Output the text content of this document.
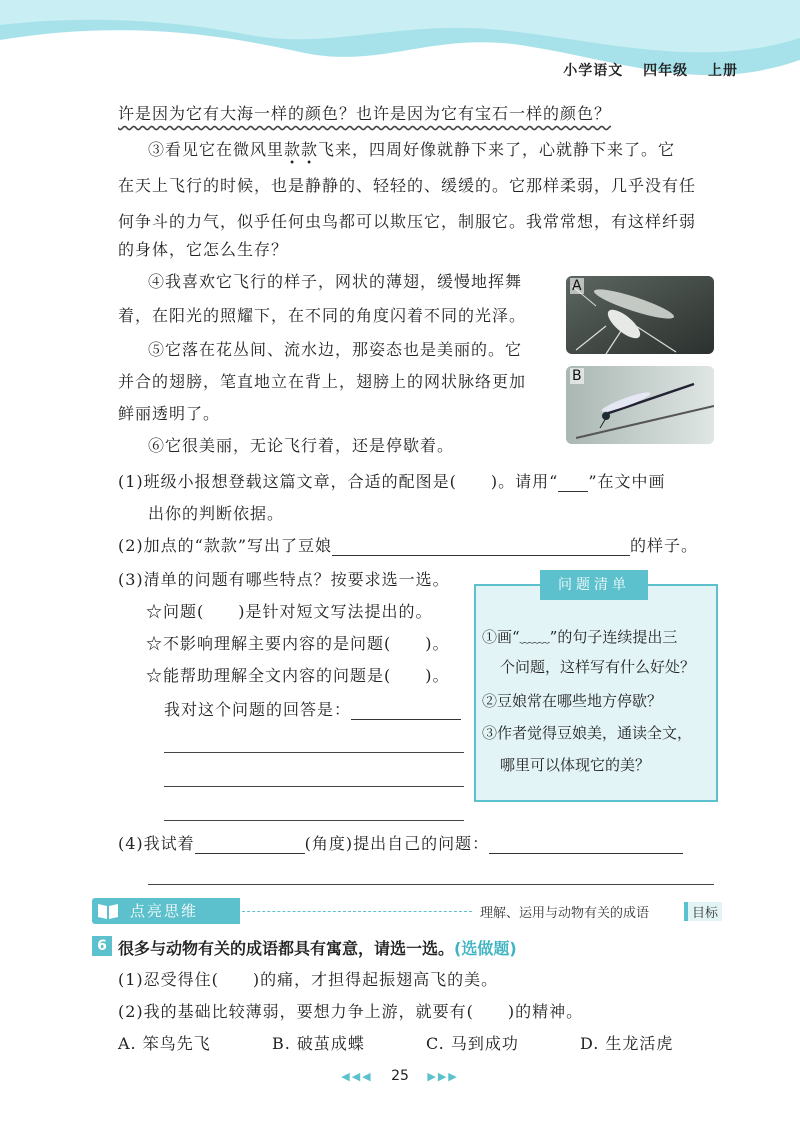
小学语文 四年级 上册
许是因为它有大海一样的颜色？也许是因为它有宝石一样的颜色？
③看见它在微风里款款飞来，四周好像就静下来了，心就静下来了。它
在天上飞行的时候，也是静静的、轻轻的、缓缓的。它那样柔弱，几乎没有任
何争斗的力气，似乎任何虫鸟都可以欺压它，制服它。我常常想，有这样纤弱
的身体，它怎么生存？
④我喜欢它飞行的样子，网状的薄翅，缓慢地挥舞
着，在阳光的照耀下，在不同的角度闪着不同的光泽。
⑤它落在花丛间、流水边，那姿态也是美丽的。它
并合的翅膀，笔直地立在背上，翅膀上的网状脉络更加
鲜丽透明了。
⑥它很美丽，无论飞行着，还是停歇着。
A
B
(1)班级小报想登载这篇文章，合适的配图是(　　)。请用“ ”在文中画
出你的判断依据。
(2)加点的“款款”写出了豆娘	的样子。
(3)清单的问题有哪些特点？按要求选一选。
☆问题(　　)是针对短文写法提出的。
☆不影响理解主要内容的是问题(　　)。
☆能帮助理解全文内容的问题是(　　)。
我对这个问题的回答是：
问题清单
①画“﹏﹏”的句子连续提出三
个问题，这样写有什么好处？
②豆娘常在哪些地方停歇？
③作者觉得豆娘美，通读全文，
哪里可以体现它的美？
(4)我试着	(角度)提出自己的问题：
点亮思维	理解、运用与动物有关的成语	目标
6 很多与动物有关的成语都具有寓意，请选一选。(选做题)
(1)忍受得住(　　)的痛，才担得起振翅高飞的美。
(2)我的基础比较薄弱，要想力争上游，就要有(　　)的精神。
A. 笨鸟先飞	B. 破茧成蝶	C. 马到成功	D. 生龙活虎
◀◀◀ 25 ▶▶▶
